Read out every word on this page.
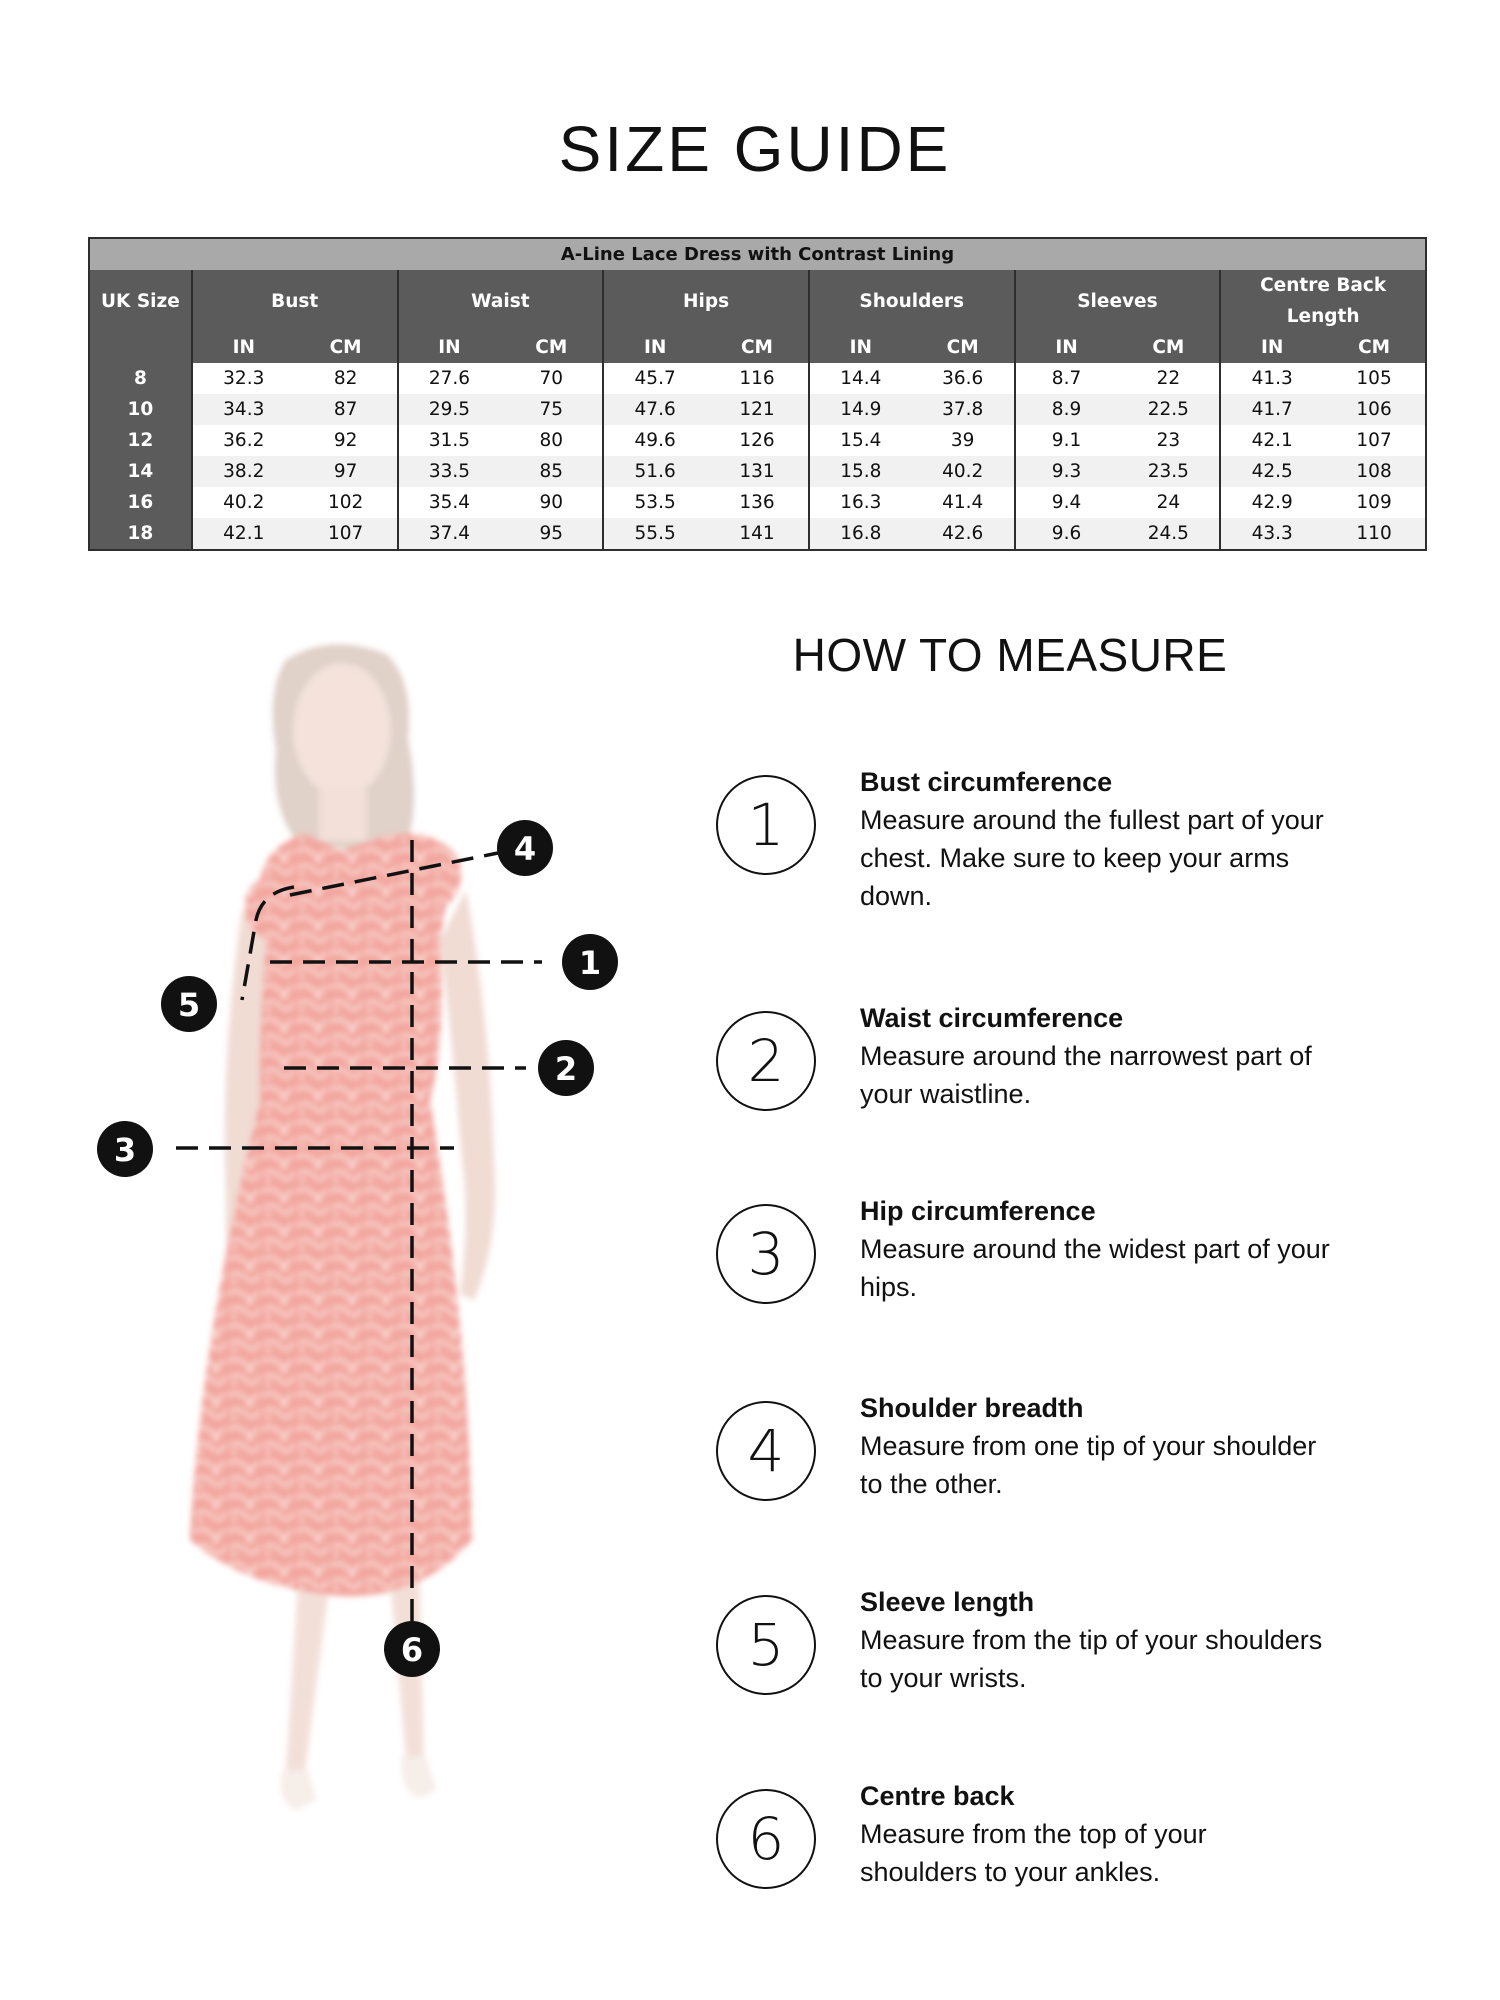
SIZE GUIDE
A-Line Lace Dress with Contrast Lining												
UK Size	Bust		Waist		Hips		Shoulders		Sleeves		Centre Back Length	
	IN	CM	IN	CM	IN	CM	IN	CM	IN	CM	IN	CM
8	32.3	82	27.6	70	45.7	116	14.4	36.6	8.7	22	41.3	105
10	34.3	87	29.5	75	47.6	121	14.9	37.8	8.9	22.5	41.7	106
12	36.2	92	31.5	80	49.6	126	15.4	39	9.1	23	42.1	107
14	38.2	97	33.5	85	51.6	131	15.8	40.2	9.3	23.5	42.5	108
16	40.2	102	35.4	90	53.5	136	16.3	41.4	9.4	24	42.9	109
18	42.1	107	37.4	95	55.5	141	16.8	42.6	9.6	24.5	43.3	110
1
2
3
4
5
6
HOW TO MEASURE
1
Bust circumference
Measure around the fullest part of your chest. Make sure to keep your arms down.
2
Waist circumference
Measure around the narrowest part of your waistline.
3
Hip circumference
Measure around the widest part of your hips.
4
Shoulder breadth
Measure from one tip of your shoulder to the other.
5
Sleeve length
Measure from the tip of your shoulders to your wrists.
6
Centre back
Measure from the top of your shoulders to your ankles.
